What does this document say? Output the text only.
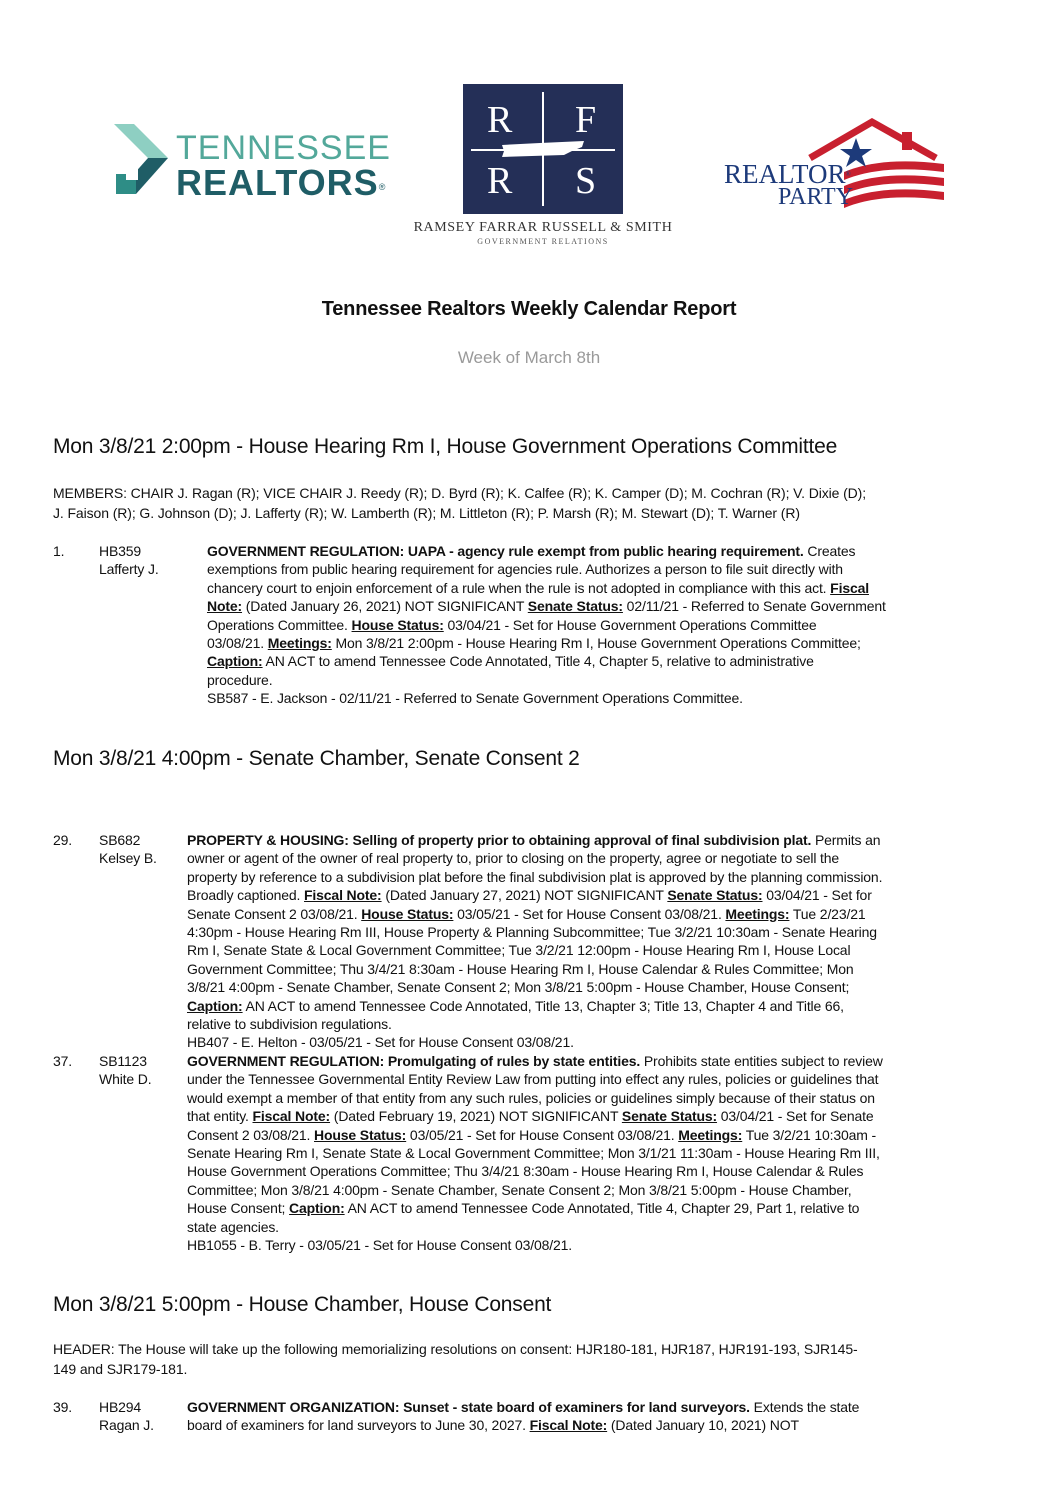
TENNESSEE
REALTORS®
R F
R S
RAMSEY FARRAR RUSSELL & SMITH
GOVERNMENT RELATIONS
REALTOR®
PARTY
Tennessee Realtors Weekly Calendar Report
Week of March 8th
Mon 3/8/21 2:00pm - House Hearing Rm I, House Government Operations Committee
MEMBERS: CHAIR J. Ragan (R); VICE CHAIR J. Reedy (R); D. Byrd (R); K. Calfee (R); K. Camper (D); M. Cochran (R); V. Dixie (D);
J. Faison (R); G. Johnson (D); J. Lafferty (R); W. Lamberth (R); M. Littleton (R); P. Marsh (R); M. Stewart (D); T. Warner (R)
1. HB359
Lafferty J.

GOVERNMENT REGULATION: UAPA - agency rule exempt from public hearing requirement. Creates

exemptions from public hearing requirement for agencies rule. Authorizes a person to file suit directly with

chancery court to enjoin enforcement of a rule when the rule is not adopted in compliance with this act. Fiscal

Note: (Dated January 26, 2021) NOT SIGNIFICANT Senate Status: 02/11/21 - Referred to Senate Government

Operations Committee. House Status: 03/04/21 - Set for House Government Operations Committee

03/08/21. Meetings: Mon 3/8/21 2:00pm - House Hearing Rm I, House Government Operations Committee;

Caption: AN ACT to amend Tennessee Code Annotated, Title 4, Chapter 5, relative to administrative

procedure.

SB587 - E. Jackson - 02/11/21 - Referred to Senate Government Operations Committee.

Mon 3/8/21 4:00pm - Senate Chamber, Senate Consent 2
29. SB682
Kelsey B.

PROPERTY & HOUSING: Selling of property prior to obtaining approval of final subdivision plat. Permits an

owner or agent of the owner of real property to, prior to closing on the property, agree or negotiate to sell the

property by reference to a subdivision plat before the final subdivision plat is approved by the planning commission.

Broadly captioned. Fiscal Note: (Dated January 27, 2021) NOT SIGNIFICANT Senate Status: 03/04/21 - Set for

Senate Consent 2 03/08/21. House Status: 03/05/21 - Set for House Consent 03/08/21. Meetings: Tue 2/23/21

4:30pm - House Hearing Rm III, House Property & Planning Subcommittee; Tue 3/2/21 10:30am - Senate Hearing

Rm I, Senate State & Local Government Committee; Tue 3/2/21 12:00pm - House Hearing Rm I, House Local

Government Committee; Thu 3/4/21 8:30am - House Hearing Rm I, House Calendar & Rules Committee; Mon

3/8/21 4:00pm - Senate Chamber, Senate Consent 2; Mon 3/8/21 5:00pm - House Chamber, House Consent;

Caption: AN ACT to amend Tennessee Code Annotated, Title 13, Chapter 3; Title 13, Chapter 4 and Title 66,

relative to subdivision regulations.

HB407 - E. Helton - 03/05/21 - Set for House Consent 03/08/21.

37. SB1123
White D.

GOVERNMENT REGULATION: Promulgating of rules by state entities. Prohibits state entities subject to review

under the Tennessee Governmental Entity Review Law from putting into effect any rules, policies or guidelines that

would exempt a member of that entity from any such rules, policies or guidelines simply because of their status on

that entity. Fiscal Note: (Dated February 19, 2021) NOT SIGNIFICANT Senate Status: 03/04/21 - Set for Senate

Consent 2 03/08/21. House Status: 03/05/21 - Set for House Consent 03/08/21. Meetings: Tue 3/2/21 10:30am -

Senate Hearing Rm I, Senate State & Local Government Committee; Mon 3/1/21 11:30am - House Hearing Rm III,

House Government Operations Committee; Thu 3/4/21 8:30am - House Hearing Rm I, House Calendar & Rules

Committee; Mon 3/8/21 4:00pm - Senate Chamber, Senate Consent 2; Mon 3/8/21 5:00pm - House Chamber,

House Consent; Caption: AN ACT to amend Tennessee Code Annotated, Title 4, Chapter 29, Part 1, relative to

state agencies.

HB1055 - B. Terry - 03/05/21 - Set for House Consent 03/08/21.

Mon 3/8/21 5:00pm - House Chamber, House Consent
HEADER: The House will take up the following memorializing resolutions on consent: HJR180-181, HJR187, HJR191-193, SJR145-
149 and SJR179-181.
39. HB294
Ragan J.

GOVERNMENT ORGANIZATION: Sunset - state board of examiners for land surveyors. Extends the state

board of examiners for land surveyors to June 30, 2027. Fiscal Note: (Dated January 10, 2021) NOT
